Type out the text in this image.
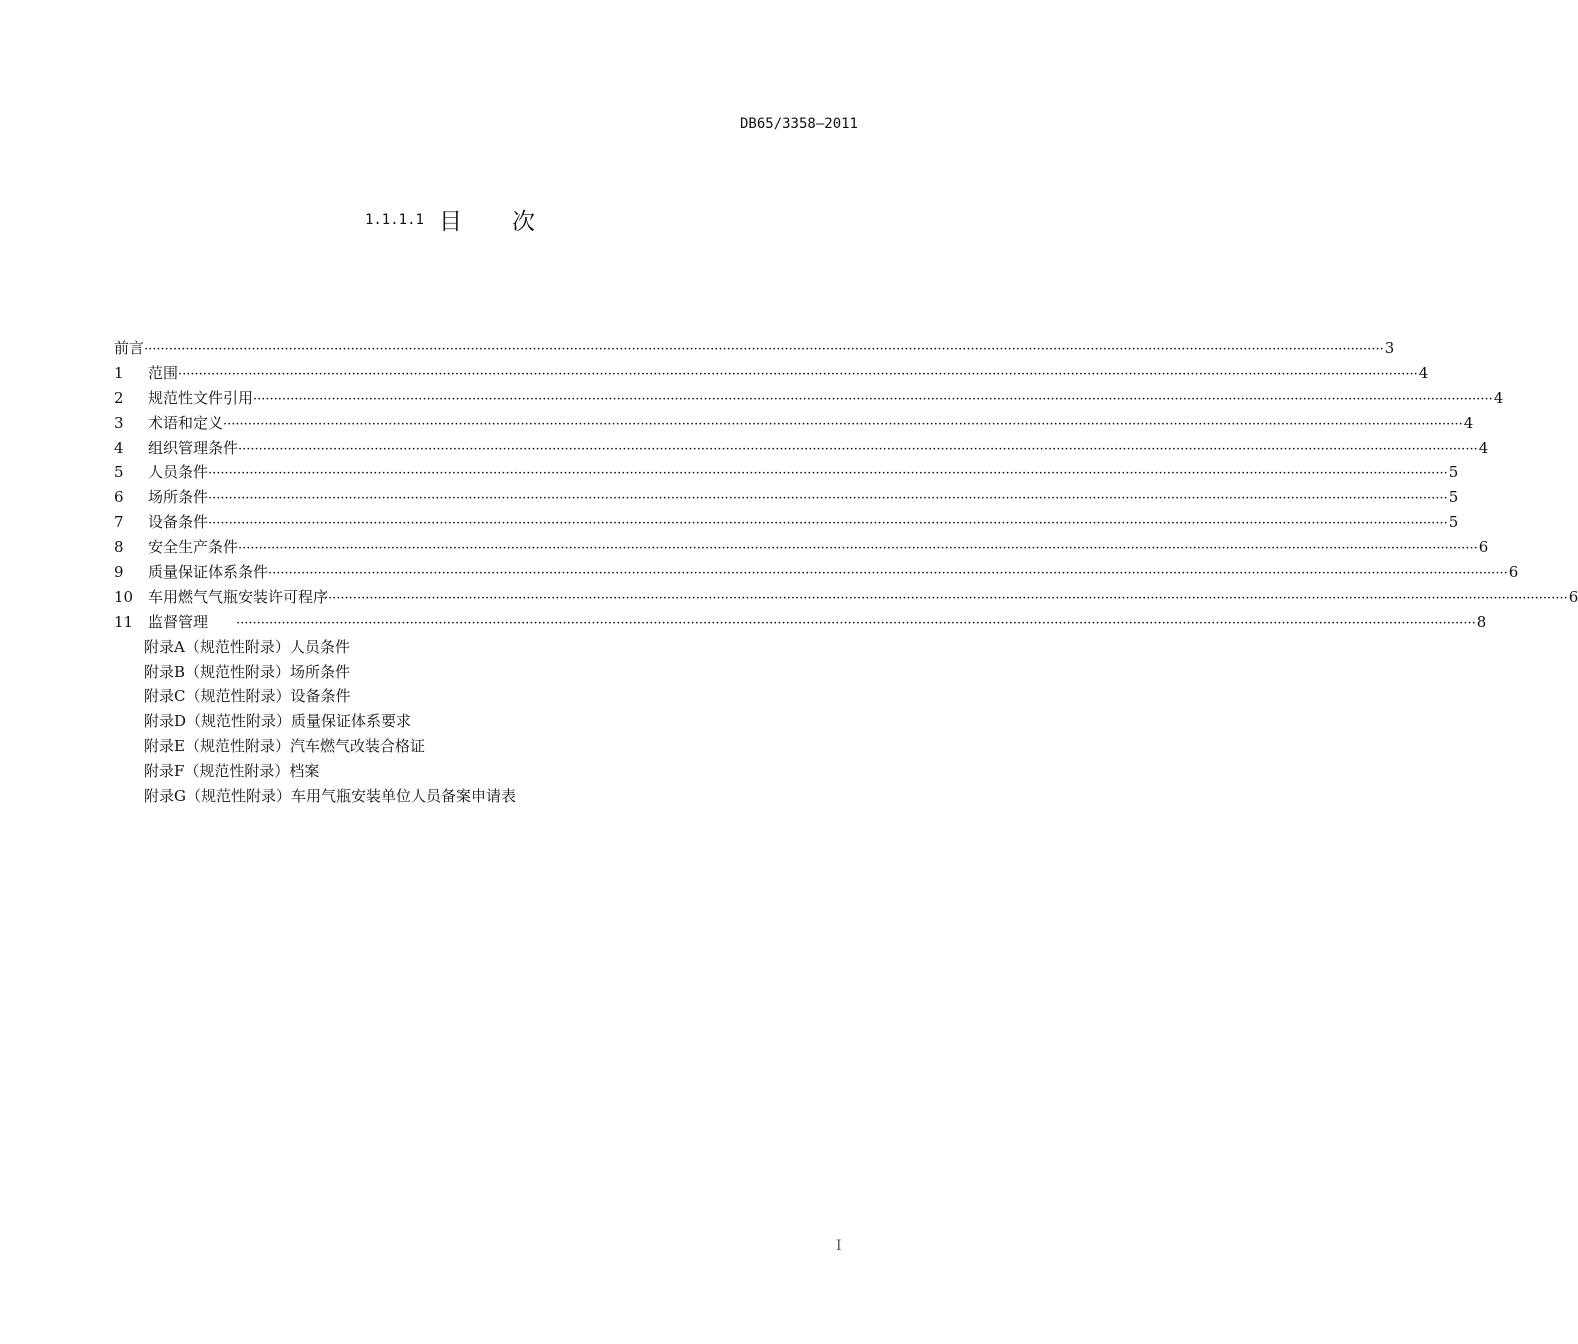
DB65/3358—2011
1.1.1.1 目次
前言 ············································································································································································································································································································ 3
1	范围 ············································································································································································································································································································ 4
2	规范性文件引用 ············································································································································································································································································································ 4
3	术语和定义 ············································································································································································································································································································ 4
4	组织管理条件 ············································································································································································································································································································ 4
5	人员条件 ············································································································································································································································································································ 5
6	场所条件 ············································································································································································································································································································ 5
7	设备条件 ············································································································································································································································································································ 5
8	安全生产条件 ············································································································································································································································································································ 6
9	质量保证体系条件 ············································································································································································································································································································ 6
10 车用燃气气瓶安装许可程序 ············································································································································································································································································································ 6
11 监督管理	············································································································································································································································································································ 8
附录A（规范性附录）人员条件
附录B（规范性附录）场所条件
附录C（规范性附录）设备条件
附录D（规范性附录）质量保证体系要求
附录E（规范性附录）汽车燃气改装合格证
附录F（规范性附录）档案
附录G（规范性附录）车用气瓶安装单位人员备案申请表
I
